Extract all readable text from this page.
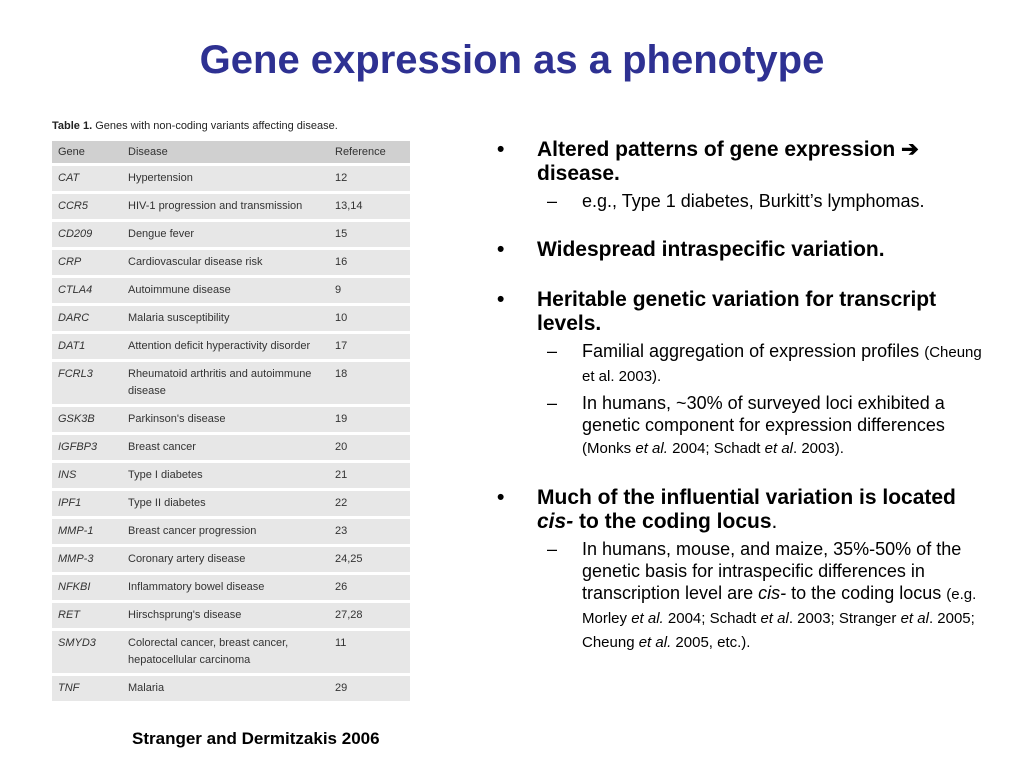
Gene expression as a phenotype
Table 1. Genes with non-coding variants affecting disease.
Gene	Disease	Reference
CAT	Hypertension	12
CCR5	HIV-1 progression and transmission	13,14
CD209	Dengue fever	15
CRP	Cardiovascular disease risk	16
CTLA4	Autoimmune disease	9
DARC	Malaria susceptibility	10
DAT1	Attention deficit hyperactivity disorder	17
FCRL3	Rheumatoid arthritis and autoimmune disease	18
GSK3B	Parkinson's disease	19
IGFBP3	Breast cancer	20
INS	Type I diabetes	21
IPF1	Type II diabetes	22
MMP-1	Breast cancer progression	23
MMP-3	Coronary artery disease	24,25
NFKBI	Inflammatory bowel disease	26
RET	Hirschsprung's disease	27,28
SMYD3	Colorectal cancer, breast cancer, hepatocellular carcinoma	11
TNF	Malaria	29
Stranger and Dermitzakis 2006
• Altered patterns of gene expression ➔ disease.
– e.g., Type 1 diabetes, Burkitt’s lymphomas.
• Widespread intraspecific variation.
• Heritable genetic variation for transcript levels.
– Familial aggregation of expression profiles (Cheung et al. 2003).
– In humans, ~30% of surveyed loci exhibited a genetic component for expression differences (Monks et al. 2004; Schadt et al. 2003).
• Much of the influential variation is located cis- to the coding locus.
– In humans, mouse, and maize, 35%-50% of the genetic basis for intraspecific differences in transcription level are cis- to the coding locus (e.g. Morley et al. 2004; Schadt et al. 2003; Stranger et al. 2005; Cheung et al. 2005, etc.).
